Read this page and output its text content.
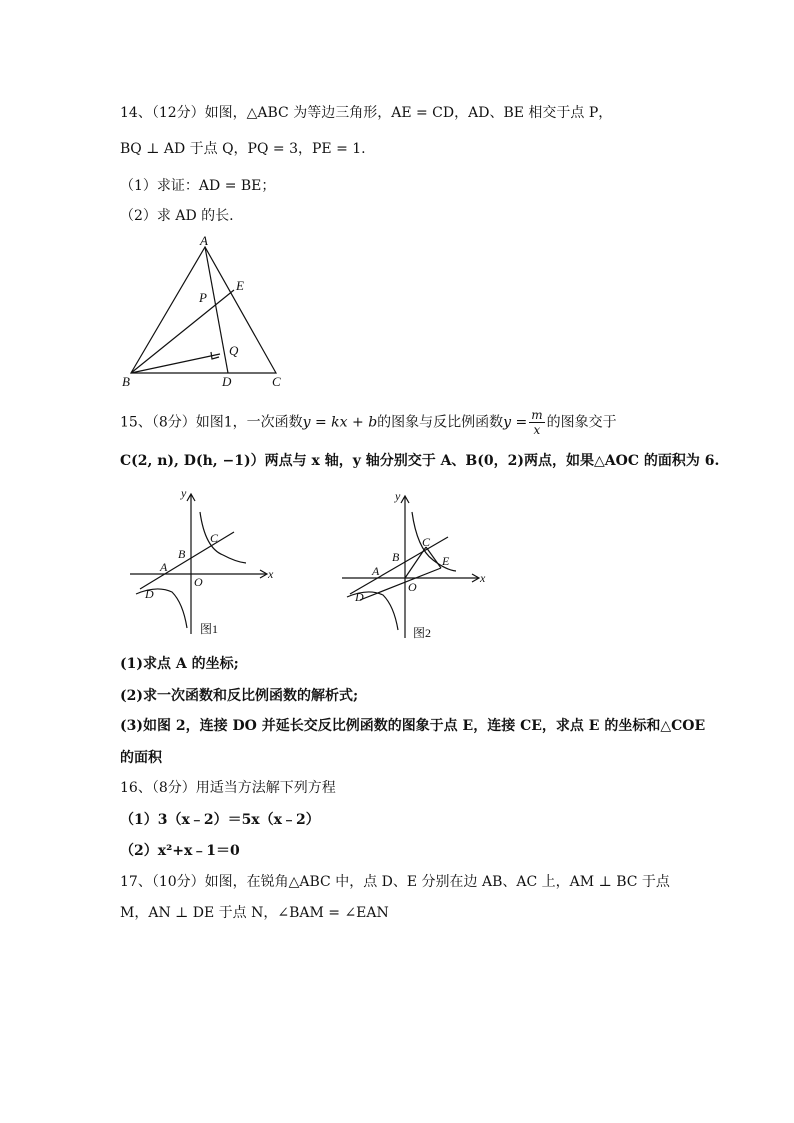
14、（12分）如图，△ABC 为等边三角形，AE = CD，AD、BE 相交于点 P，
BQ ⊥ AD 于点 Q，PQ = 3，PE = 1.
（1）求证：AD = BE；
（2）求 AD 的长.
A
E
P
Q
B	D	C
15、（8分）如图1，一次函数y = kx + b的图象与反比例函数$y = \frac{m}{x}$ 的图象交于
C(2, n), D(h, −1)）两点与 x 轴，y 轴分别交于 A、B(0，2)两点，如果△AOC 的面积为 6.
y
x
O
A
B
C
D
图1
y
x
O
A
B
C
E
D
图2
(1)求点 A 的坐标;
(2)求一次函数和反比例函数的解析式;
(3)如图 2，连接 DO 并延长交反比例函数的图象于点 E，连接 CE，求点 E 的坐标和△COE
的面积
16、（8分）用适当方法解下列方程
（1）3（x﹣2）＝5x（x﹣2）
（2）x²+x﹣1＝0
17、（10分）如图，在锐角△ABC 中，点 D、E 分别在边 AB、AC 上，AM ⊥ BC 于点
M，AN ⊥ DE 于点 N，∠BAM = ∠EAN
